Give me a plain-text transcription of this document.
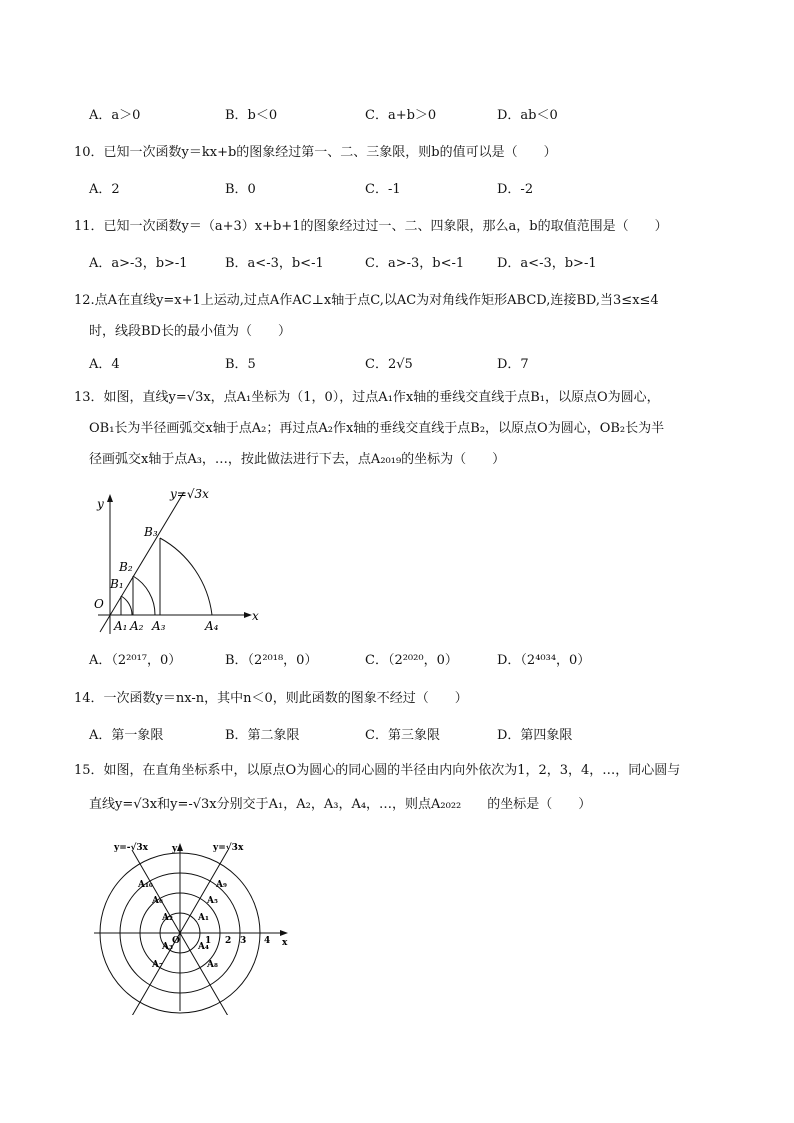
A．a＞0	B．b＜0	C．a+b＞0	D．ab＜0
10．已知一次函数y＝kx+b的图象经过第一、二、三象限，则b的值可以是（　　）
A．2	B．0	C．-1	D．-2
11．已知一次函数y＝（a+3）x+b+1的图象经过过一、二、四象限，那么a，b的取值范围是（　　）
A．a>-3，b>-1	B．a<-3，b<-1	C．a>-3，b<-1	D．a<-3，b>-1
12.点A在直线y=x+1上运动,过点A作AC⊥x轴于点C,以AC为对角线作矩形ABCD,连接BD,当3≤x≤4
时，线段BD长的最小值为（　　）
A．4	B．5	C．2√5	D．7
13．如图，直线y=√3x，点A₁坐标为（1，0），过点A₁作x轴的垂线交直线于点B₁，以原点O为圆心，
OB₁长为半径画弧交x轴于点A₂；再过点A₂作x轴的垂线交直线于点B₂，以原点O为圆心，OB₂长为半
径画弧交x轴于点A₃，…，按此做法进行下去，点A₂₀₁₉的坐标为（　　）
y=√3x
y
x
O
B₁
B₂
B₃
A₁ A₂ A₃	A₄
A．（2²⁰¹⁷，0）	B．（2²⁰¹⁸，0）	C．（2²⁰²⁰，0）	D．（2⁴⁰³⁴，0）
14．一次函数y＝nx-n，其中n＜0，则此函数的图象不经过（　　）
A．第一象限	B．第二象限	C．第三象限	D．第四象限
15．如图，在直角坐标系中，以原点O为圆心的同心圆的半径由内向外依次为1，2，3，4，…，同心圆与
直线y=√3x和y=-√3x分别交于A₁，A₂，A₃，A₄，…，则点A₂₀₂₂　　的坐标是（　　）
y=-√3x	y=√3x
y
x
O	1 2 3 4
A₁
A₂
A₃	A₄
A₅
A₆
A₇	A₈
A₉
A₁₀
